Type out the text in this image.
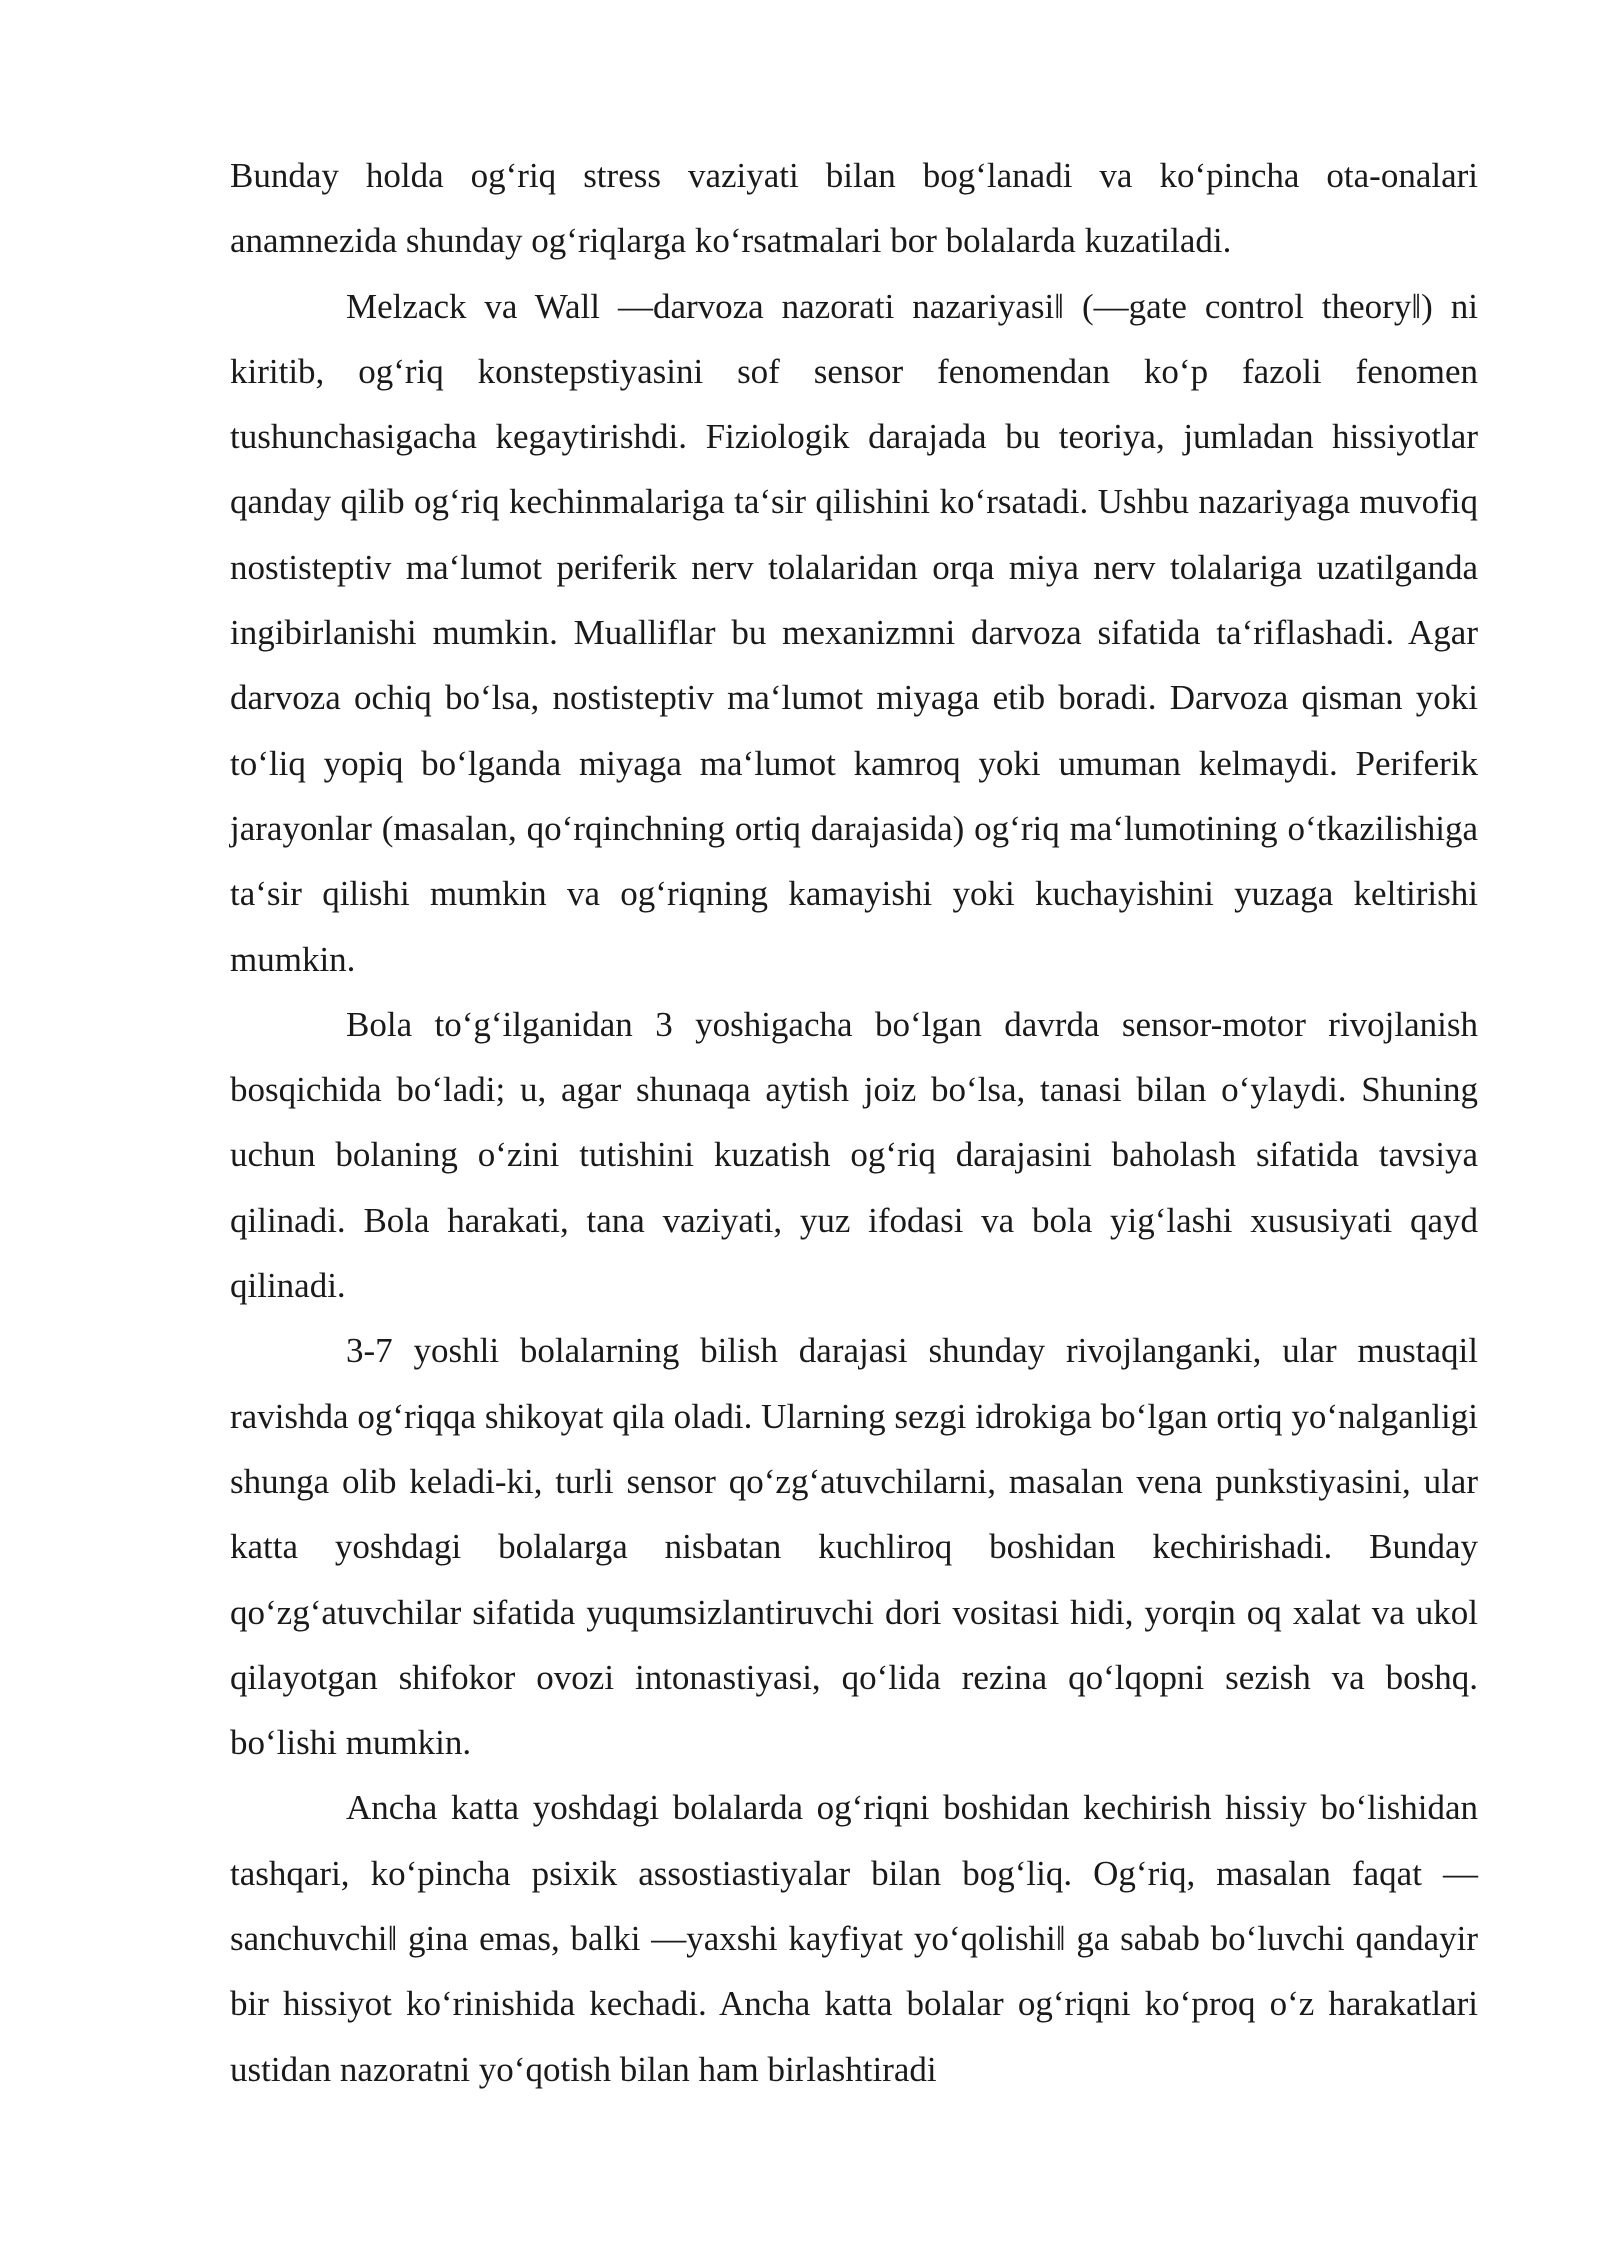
Bunday holda og‘riq stress vaziyati bilan bog‘lanadi va ko‘pincha ota-onalari anamnezida shunday og‘riqlarga ko‘rsatmalari bor bolalarda kuzatiladi.

Melzack va Wall —darvoza nazorati nazariyasi‖ (—gate control theory‖) ni kiritib, og‘riq konstepstiyasini sof sensor fenomendan ko‘p fazoli fenomen tushunchasigacha kegaytirishdi. Fiziologik darajada bu teoriya, jumladan hissiyotlar qanday qilib og‘riq kechinmalariga ta‘sir qilishini ko‘rsatadi. Ushbu nazariyaga muvofiq nostisteptiv ma‘lumot periferik nerv tolalaridan orqa miya nerv tolalariga uzatilganda ingibirlanishi mumkin. Mualliflar bu mexanizmni darvoza sifatida ta‘riflashadi. Agar darvoza ochiq bo‘lsa, nostisteptiv ma‘lumot miyaga etib boradi. Darvoza qisman yoki to‘liq yopiq bo‘lganda miyaga ma‘lumot kamroq yoki umuman kelmaydi. Periferik jarayonlar (masalan, qo‘rqinchning ortiq darajasida) og‘riq ma‘lumotining o‘tkazilishiga ta‘sir qilishi mumkin va og‘riqning kamayishi yoki kuchayishini yuzaga keltirishi mumkin.

Bola to‘g‘ilganidan 3 yoshigacha bo‘lgan davrda sensor-motor rivojlanish bosqichida bo‘ladi; u, agar shunaqa aytish joiz bo‘lsa, tanasi bilan o‘ylaydi. Shuning uchun bolaning o‘zini tutishini kuzatish og‘riq darajasini baholash sifatida tavsiya qilinadi. Bola harakati, tana vaziyati, yuz ifodasi va bola yig‘lashi xususiyati qayd qilinadi.

3-7 yoshli bolalarning bilish darajasi shunday rivojlanganki, ular mustaqil ravishda og‘riqqa shikoyat qila oladi. Ularning sezgi idrokiga bo‘lgan ortiq yo‘nalganligi shunga olib keladi-ki, turli sensor qo‘zg‘atuvchilarni, masalan vena punkstiyasini, ular katta yoshdagi bolalarga nisbatan kuchliroq boshidan kechirishadi. Bunday qo‘zg‘atuvchilar sifatida yuqumsizlantiruvchi dori vositasi hidi, yorqin oq xalat va ukol qilayotgan shifokor ovozi intonastiyasi, qo‘lida rezina qo‘lqopni sezish va boshq. bo‘lishi mumkin.

Ancha katta yoshdagi bolalarda og‘riqni boshidan kechirish hissiy bo‘lishidan tashqari, ko‘pincha psixik assostiastiyalar bilan bog‘liq. Og‘riq, masalan faqat —sanchuvchi‖ gina emas, balki —yaxshi kayfiyat yo‘qolishi‖ ga sabab bo‘luvchi qandayir bir hissiyot ko‘rinishida kechadi. Ancha katta bolalar og‘riqni ko‘proq o‘z harakatlari ustidan nazoratni yo‘qotish bilan ham birlashtiradi
